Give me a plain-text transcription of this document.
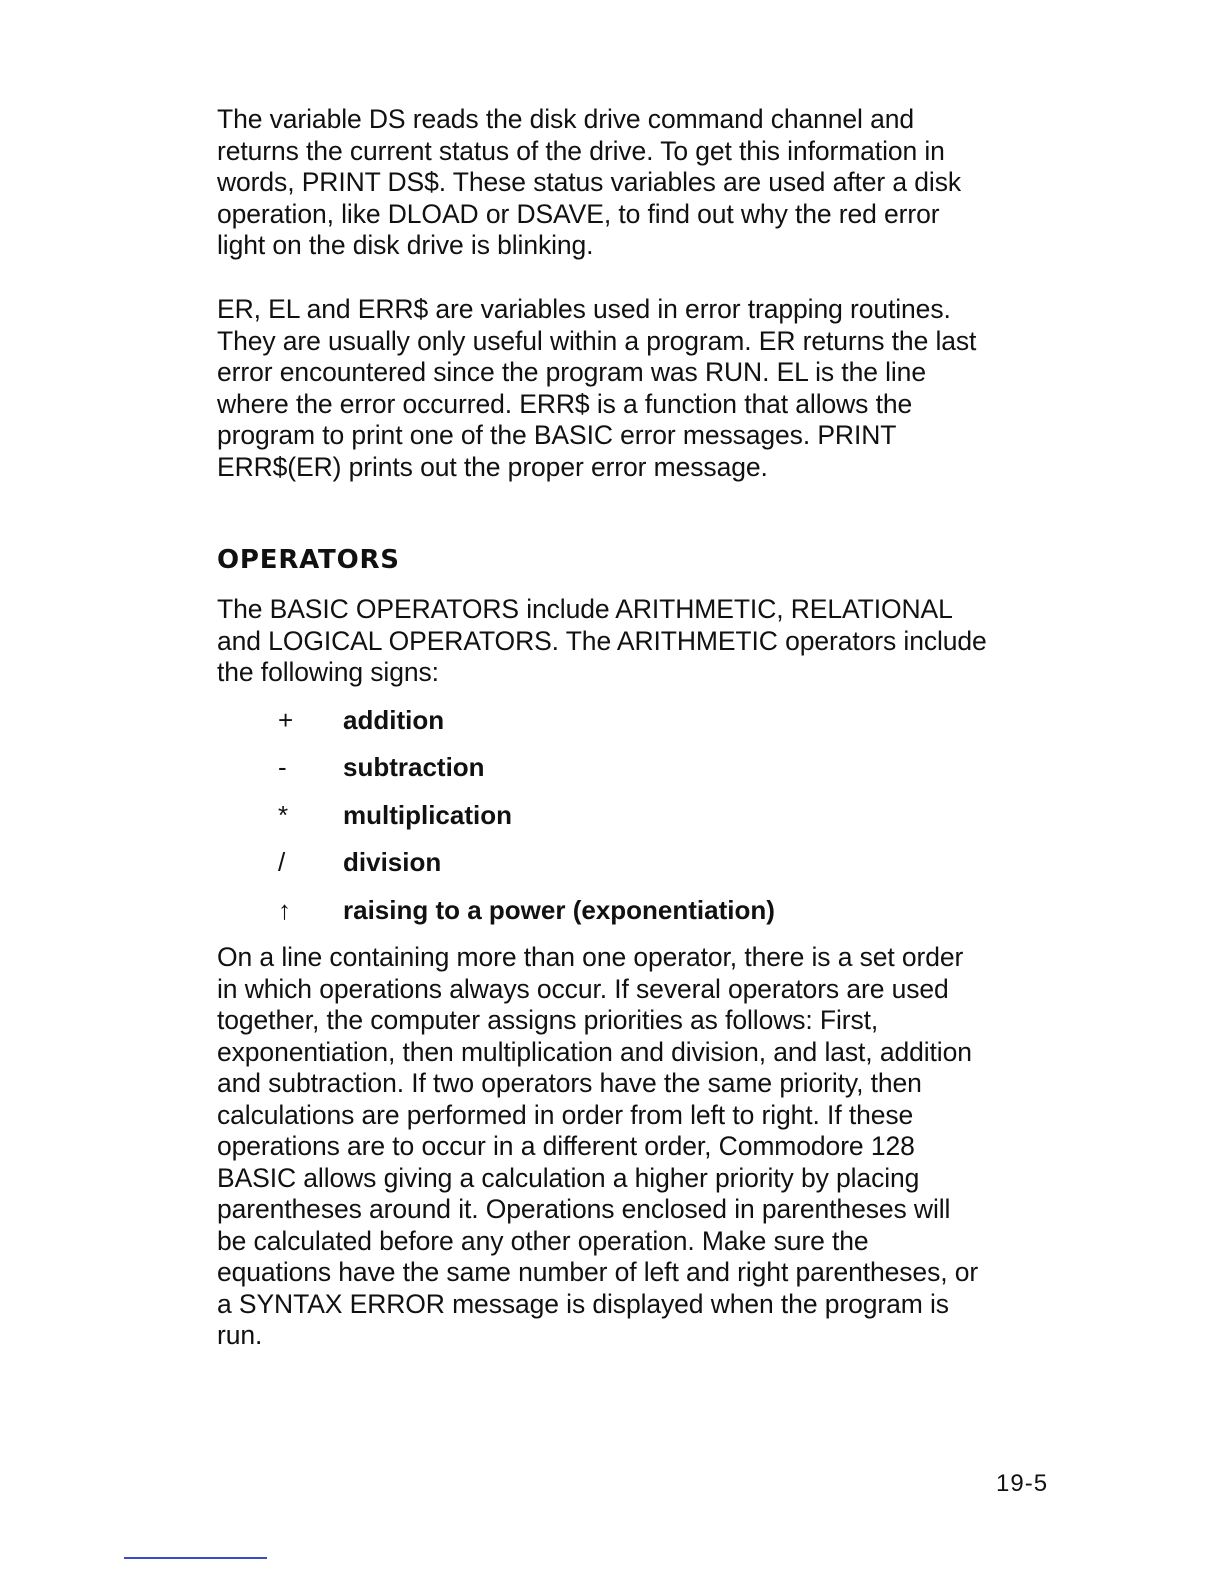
The variable DS reads the disk drive command channel and
returns the current status of the drive. To get this information in
words, PRINT DS$. These status variables are used after a disk
operation, like DLOAD or DSAVE, to find out why the red error
light on the disk drive is blinking.

ER, EL and ERR$ are variables used in error trapping routines.
They are usually only useful within a program. ER returns the last
error encountered since the program was RUN. EL is the line
where the error occurred. ERR$ is a function that allows the
program to print one of the BASIC error messages. PRINT
ERR$(ER) prints out the proper error message.

OPERATORS

The BASIC OPERATORS include ARITHMETIC, RELATIONAL
and LOGICAL OPERATORS. The ARITHMETIC operators include
the following signs:

+	addition
-	subtraction
*	multiplication
/	division
↑	raising to a power (exponentiation)

On a line containing more than one operator, there is a set order
in which operations always occur. If several operators are used
together, the computer assigns priorities as follows: First,
exponentiation, then multiplication and division, and last, addition
and subtraction. If two operators have the same priority, then
calculations are performed in order from left to right. If these
operations are to occur in a different order, Commodore 128
BASIC allows giving a calculation a higher priority by placing
parentheses around it. Operations enclosed in parentheses will
be calculated before any other operation. Make sure the
equations have the same number of left and right parentheses, or
a SYNTAX ERROR message is displayed when the program is
run.

19-5
